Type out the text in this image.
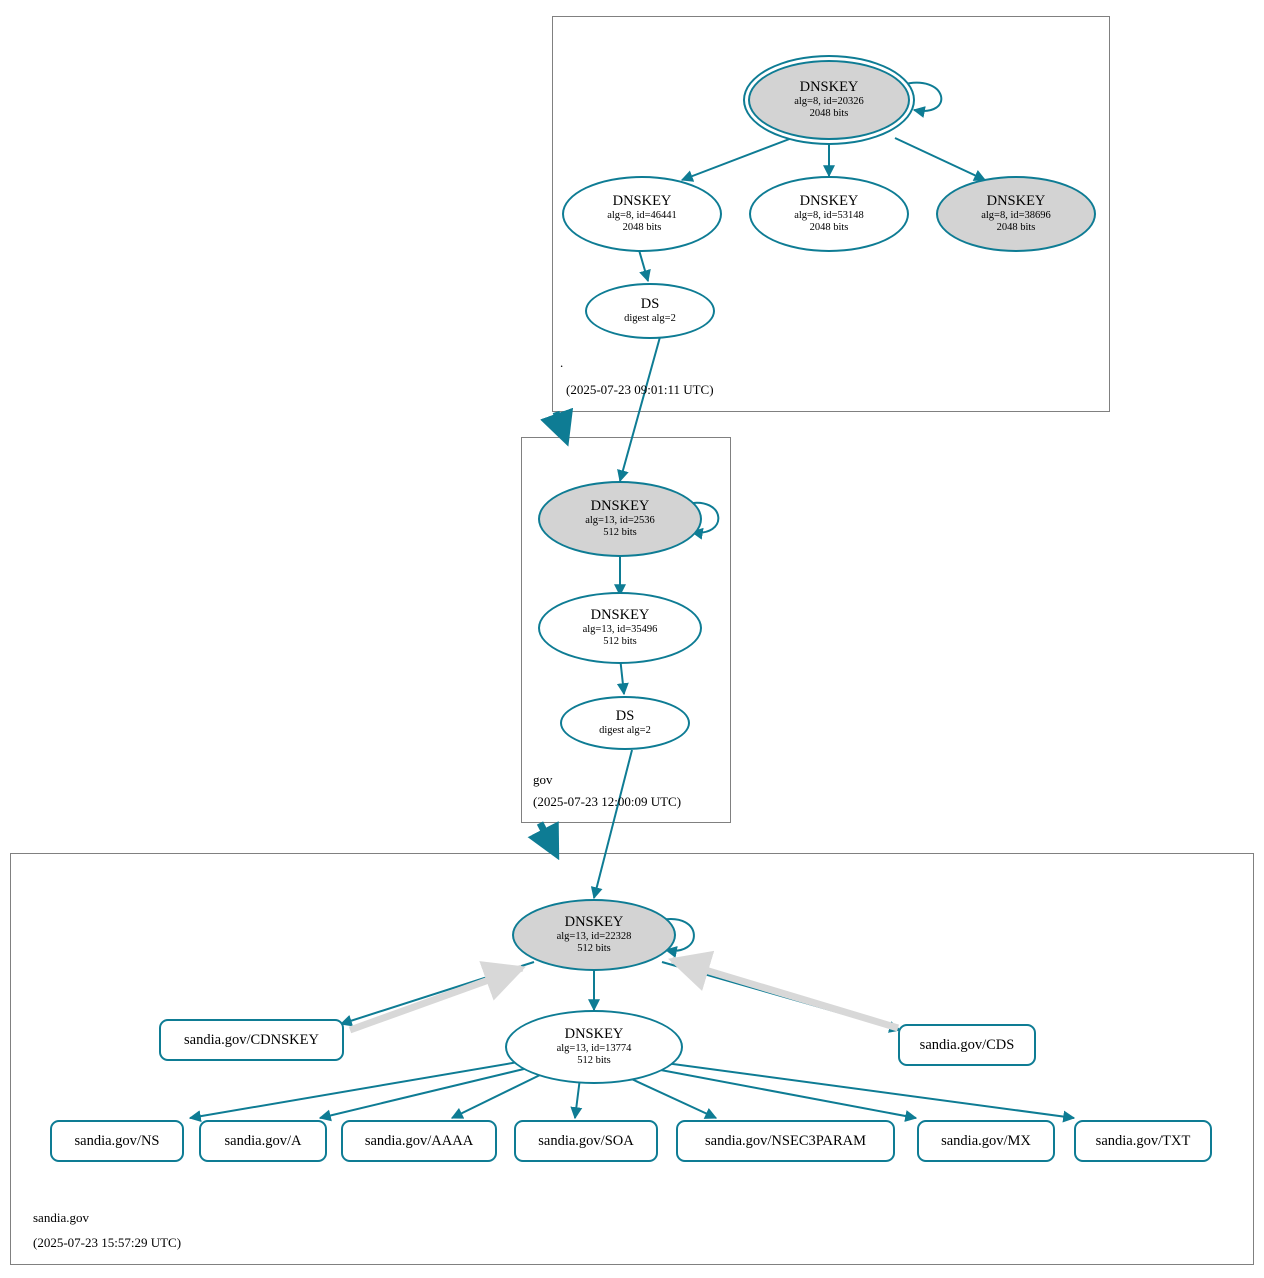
DNSKEY
alg=8, id=20326
2048 bits
DNSKEY
alg=8, id=46441
2048 bits
DNSKEY
alg=8, id=53148
2048 bits
DNSKEY
alg=8, id=38696
2048 bits
DS
digest alg=2
.
(2025-07-23 09:01:11 UTC)
DNSKEY
alg=13, id=2536
512 bits
DNSKEY
alg=13, id=35496
512 bits
DS
digest alg=2
gov
(2025-07-23 12:00:09 UTC)
DNSKEY
alg=13, id=22328
512 bits
DNSKEY
alg=13, id=13774
512 bits
sandia.gov/CDNSKEY	sandia.gov/CDS
sandia.gov/NS	sandia.gov/A	sandia.gov/AAAA	sandia.gov/SOA	sandia.gov/NSEC3PARAM	sandia.gov/MX	sandia.gov/TXT
sandia.gov
(2025-07-23 15:57:29 UTC)
